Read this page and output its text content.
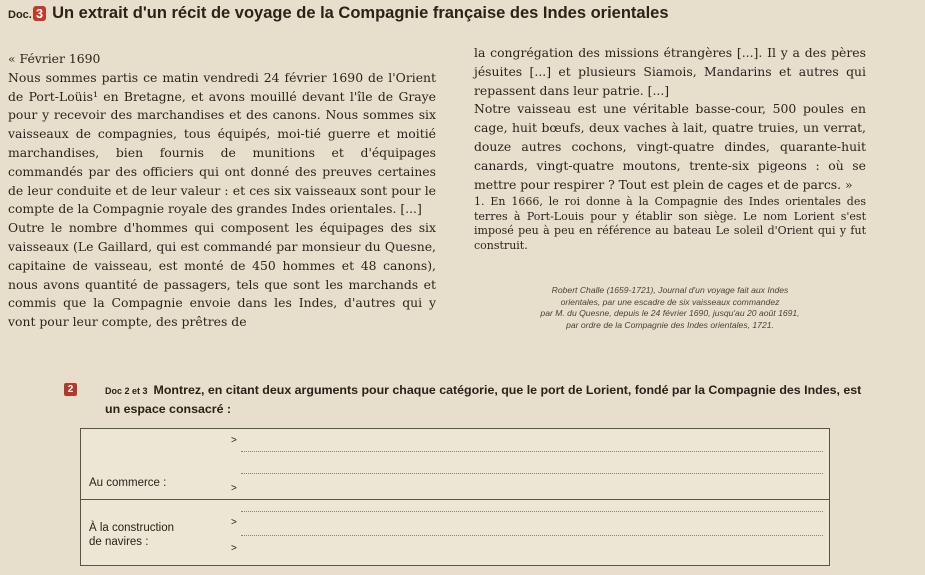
Doc. 3 Un extrait d'un récit de voyage de la Compagnie française des Indes orientales

« Février 1690

Nous sommes partis ce matin vendredi 24 février 1690 de l'Orient de Port-Loüis¹ en Bretagne, et avons mouillé devant l'île de Graye pour y recevoir des marchandises et des canons. Nous sommes six vaisseaux de compagnies, tous équipés, moi-tié guerre et moitié marchandises, bien fournis de munitions et d'équipages commandés par des officiers qui ont donné des preuves certaines de leur conduite et de leur valeur : et ces six vaisseaux sont pour le compte de la Compagnie royale des grandes Indes orientales. [...]

Outre le nombre d'hommes qui composent les équipages des six vaisseaux (Le Gaillard, qui est commandé par monsieur du Quesne, capitaine de vaisseau, est monté de 450 hommes et 48 canons), nous avons quantité de passagers, tels que sont les marchands et commis que la Compagnie envoie dans les Indes, d'autres qui y vont pour leur compte, des prêtres de

la congrégation des missions étrangères [...]. Il y a des pères jésuites [...] et plusieurs Siamois, Mandarins et autres qui repassent dans leur patrie. [...]

Notre vaisseau est une véritable basse-cour, 500 poules en cage, huit bœufs, deux vaches à lait, quatre truies, un verrat, douze autres cochons, vingt-quatre dindes, quarante-huit canards, vingt-quatre moutons, trente-six pigeons : où se mettre pour respirer ? Tout est plein de cages et de parcs. »

1. En 1666, le roi donne à la Compagnie des Indes orientales des terres à Port-Louis pour y établir son siège. Le nom Lorient s'est imposé peu à peu en référence au bateau Le soleil d'Orient qui y fut construit.

Robert Challe (1659-1721), Journal d'un voyage fait aux Indes
orientales, par une escadre de six vaisseaux commandez
par M. du Quesne, depuis le 24 février 1690, jusqu'au 20 août 1691,
par ordre de la Compagnie des Indes orientales, 1721.
2	Doc 2 et 3 Montrez, en citant deux arguments pour chaque catégorie, que le port de Lorient, fondé par la Compagnie des Indes, est un espace consacré :
Au commerce :
>
>
À la construction
de navires :
>
>
